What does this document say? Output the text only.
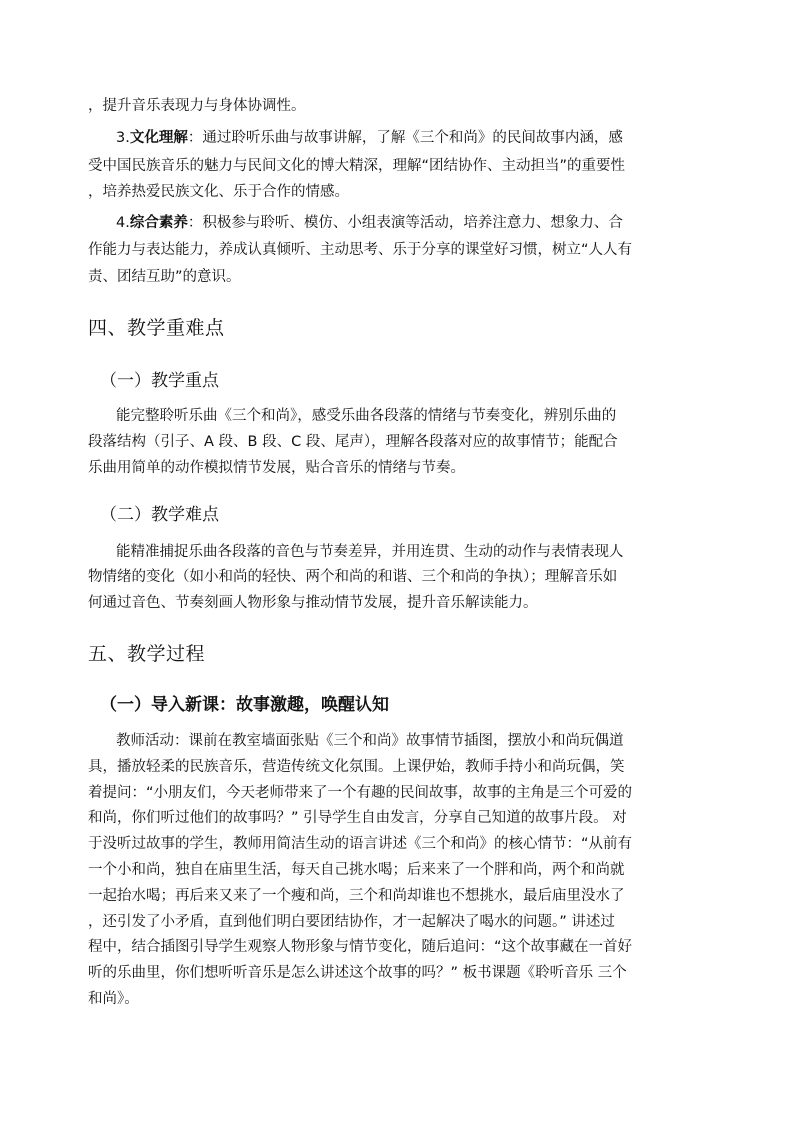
，提升音乐表现力与身体协调性。

3.文化理解：通过聆听乐曲与故事讲解，了解《三个和尚》的民间故事内涵，感

受中国民族音乐的魅力与民间文化的博大精深，理解“团结协作、主动担当”的重要性

，培养热爱民族文化、乐于合作的情感。

4.综合素养：积极参与聆听、模仿、小组表演等活动，培养注意力、想象力、合

作能力与表达能力，养成认真倾听、主动思考、乐于分享的课堂好习惯，树立“人人有

责、团结互助”的意识。

四、教学重难点
（一）教学重点

能完整聆听乐曲《三个和尚》，感受乐曲各段落的情绪与节奏变化，辨别乐曲的

段落结构（引子、A 段、B 段、C 段、尾声），理解各段落对应的故事情节；能配合

乐曲用简单的动作模拟情节发展，贴合音乐的情绪与节奏。

（二）教学难点

能精准捕捉乐曲各段落的音色与节奏差异，并用连贯、生动的动作与表情表现人

物情绪的变化（如小和尚的轻快、两个和尚的和谐、三个和尚的争执）；理解音乐如

何通过音色、节奏刻画人物形象与推动情节发展，提升音乐解读能力。

五、教学过程
（一）导入新课：故事激趣，唤醒认知

教师活动：课前在教室墙面张贴《三个和尚》故事情节插图，摆放小和尚玩偶道

具，播放轻柔的民族音乐，营造传统文化氛围。上课伊始，教师手持小和尚玩偶，笑

着提问：“小朋友们，今天老师带来了一个有趣的民间故事，故事的主角是三个可爱的

和尚，你们听过他们的故事吗？” 引导学生自由发言，分享自己知道的故事片段。 对

于没听过故事的学生，教师用简洁生动的语言讲述《三个和尚》的核心情节：“从前有

一个小和尚，独自在庙里生活，每天自己挑水喝；后来来了一个胖和尚，两个和尚就

一起抬水喝；再后来又来了一个瘦和尚，三个和尚却谁也不想挑水，最后庙里没水了

，还引发了小矛盾，直到他们明白要团结协作，才一起解决了喝水的问题。” 讲述过

程中，结合插图引导学生观察人物形象与情节变化，随后追问：“这个故事藏在一首好

听的乐曲里，你们想听听音乐是怎么讲述这个故事的吗？” 板书课题《聆听音乐 三个

和尚》。
